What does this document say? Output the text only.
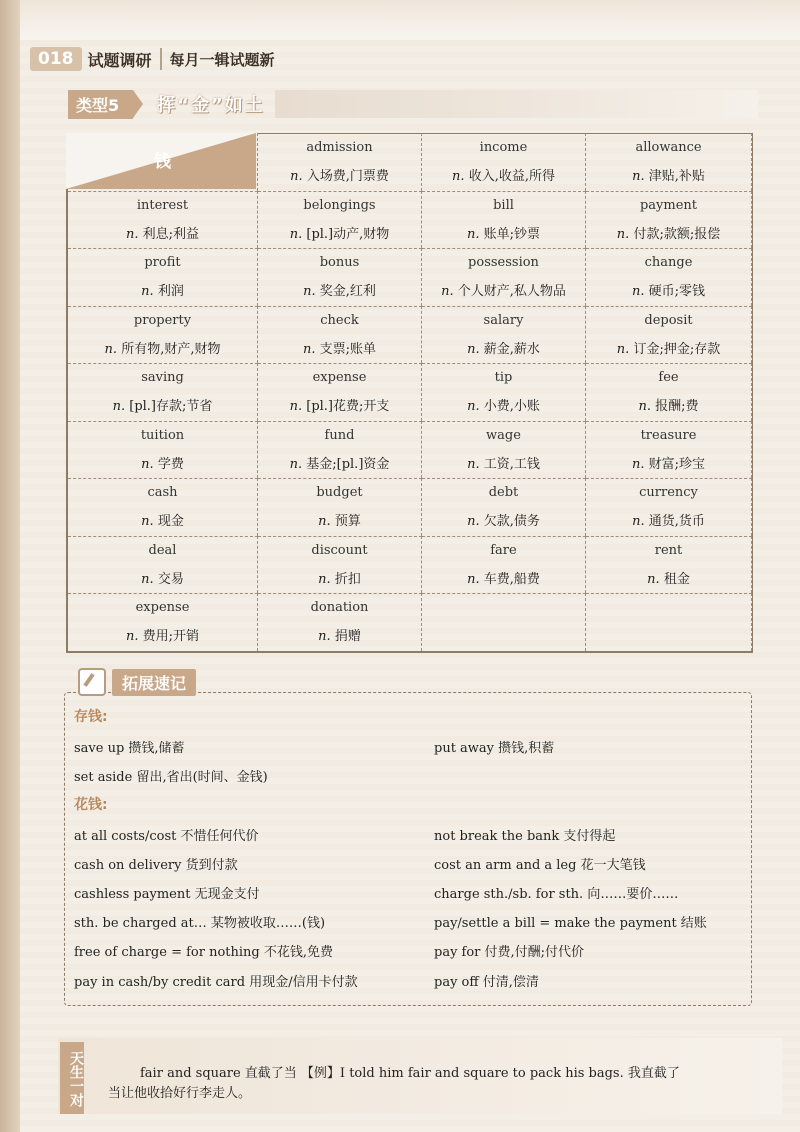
018 试题调研 每月一辑试题新
类型5	挥“金”如土
admission
n. 入场费,门票费
income
n. 收入,收益,所得
allowance
n. 津贴,补贴
interest
n. 利息;利益
belongings
n. [pl.]动产,财物
bill
n. 账单;钞票
payment
n. 付款;款额;报偿
profit
n. 利润
bonus
n. 奖金,红利
possession
n. 个人财产,私人物品
change
n. 硬币;零钱
property
n. 所有物,财产,财物
check
n. 支票;账单
salary
n. 薪金,薪水
deposit
n. 订金;押金;存款
saving
n. [pl.]存款;节省
expense
n. [pl.]花费;开支
tip
n. 小费,小账
fee
n. 报酬;费
tuition
n. 学费
fund
n. 基金;[pl.]资金
wage
n. 工资,工钱
treasure
n. 财富;珍宝
cash
n. 现金
budget
n. 预算
debt
n. 欠款,债务
currency
n. 通货,货币
deal
n. 交易
discount
n. 折扣
fare
n. 车费,船费
rent
n. 租金
expense
n. 费用;开销
donation
n. 捐赠
钱
拓展速记
存钱:
save up 攒钱,储蓄
set aside 留出,省出(时间、金钱)
put away 攒钱,积蓄
花钱:
at all costs/cost 不惜任何代价
cash on delivery 货到付款
cashless payment 无现金支付
sth. be charged at… 某物被收取……(钱)
free of charge = for nothing 不花钱,免费
pay in cash/by credit card 用现金/信用卡付款
not break the bank 支付得起
cost an arm and a leg 花一大笔钱
charge sth./sb. for sth. 向……要价……
pay/settle a bill = make the payment 结账
pay for 付费,付酬;付代价
pay off 付清,偿清
天生一对	fair and square 直截了当 【例】I told him fair and square to pack his bags. 我直截了
当让他收拾好行李走人。
